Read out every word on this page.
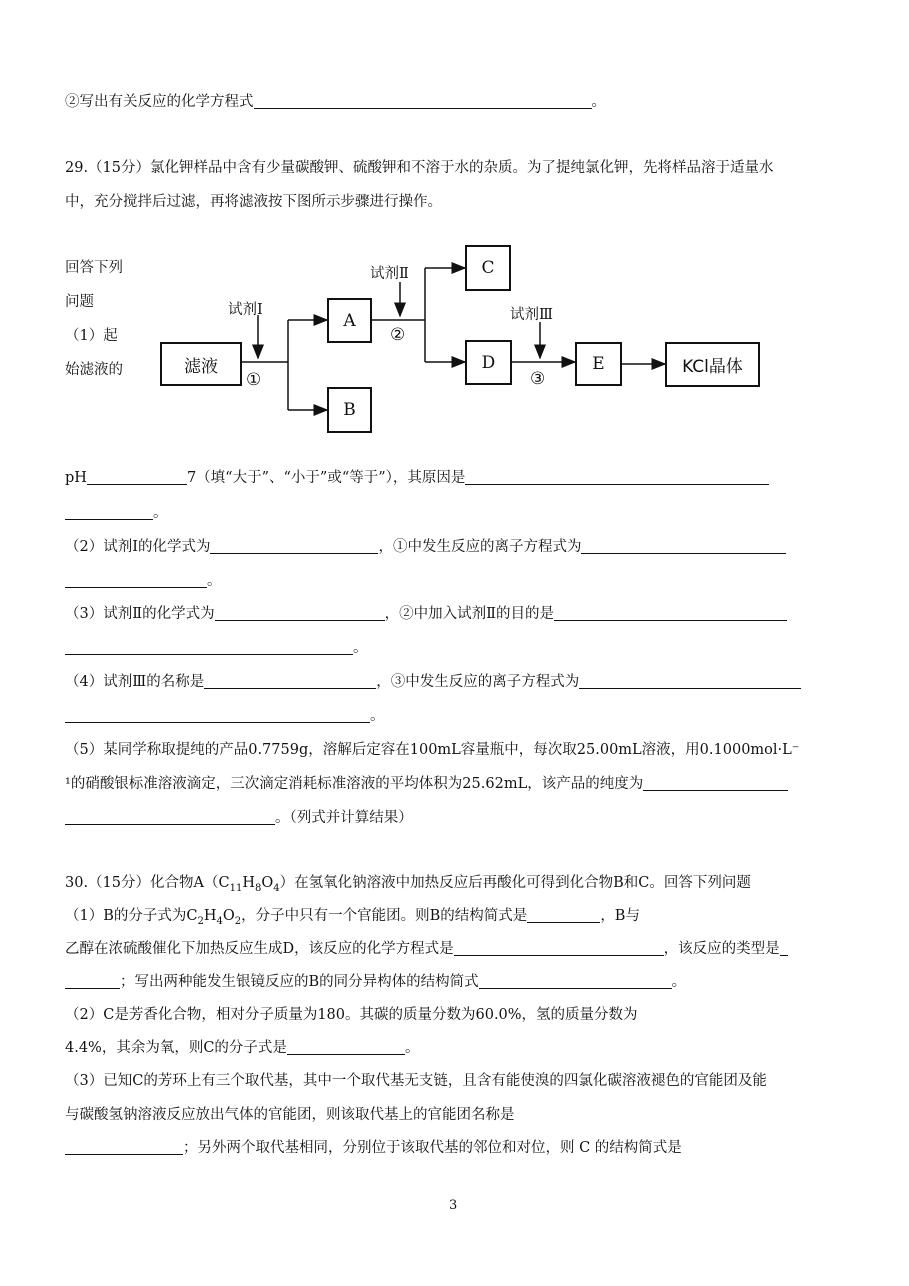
②写出有关反应的化学方程式	。
29.（15分）氯化钾样品中含有少量碳酸钾、硫酸钾和不溶于水的杂质。为了提纯氯化钾，先将样品溶于适量水
中，充分搅拌后过滤，再将滤液按下图所示步骤进行操作。
回答下列
问题
（1）起
始滤液的	滤液
A
B
C
D	E	KCl晶体
试剂Ⅰ
试剂Ⅱ
试剂Ⅲ
①
②
③
pH	7（填“大于”、“小于”或“等于”），其原因是
。
（2）试剂Ⅰ的化学式为	，①中发生反应的离子方程式为
。
（3）试剂Ⅱ的化学式为	，②中加入试剂Ⅱ的目的是
。
（4）试剂Ⅲ的名称是	，③中发生反应的离子方程式为
。
（5）某同学称取提纯的产品0.7759g，溶解后定容在100mL容量瓶中，每次取25.00mL溶液，用0.1000mol·L⁻
¹的硝酸银标准溶液滴定，三次滴定消耗标准溶液的平均体积为25.62mL，该产品的纯度为
。（列式并计算结果）
30.（15分）化合物$A(C_{11}H_8O_4)$在氢氧化钠溶液中加热反应后再酸化可得到化合物B和C。回答下列问题
（1）B的分子式为$C_2H_4O_2$，分子中只有一个官能团。则B的结构简式是	，B与
乙醇在浓硫酸催化下加热反应生成D，该反应的化学方程式是	，该反应的类型是
；写出两种能发生银镜反应的B的同分异构体的结构简式	。
（2）C是芳香化合物，相对分子质量为180。其碳的质量分数为60.0%，氢的质量分数为
4.4%，其余为氧，则C的分子式是	。
（3）已知C的芳环上有三个取代基，其中一个取代基无支链，且含有能使溴的四氯化碳溶液褪色的官能团及能
与碳酸氢钠溶液反应放出气体的官能团，则该取代基上的官能团名称是
；另外两个取代基相同，分别位于该取代基的邻位和对位，则 C 的结构简式是
3
